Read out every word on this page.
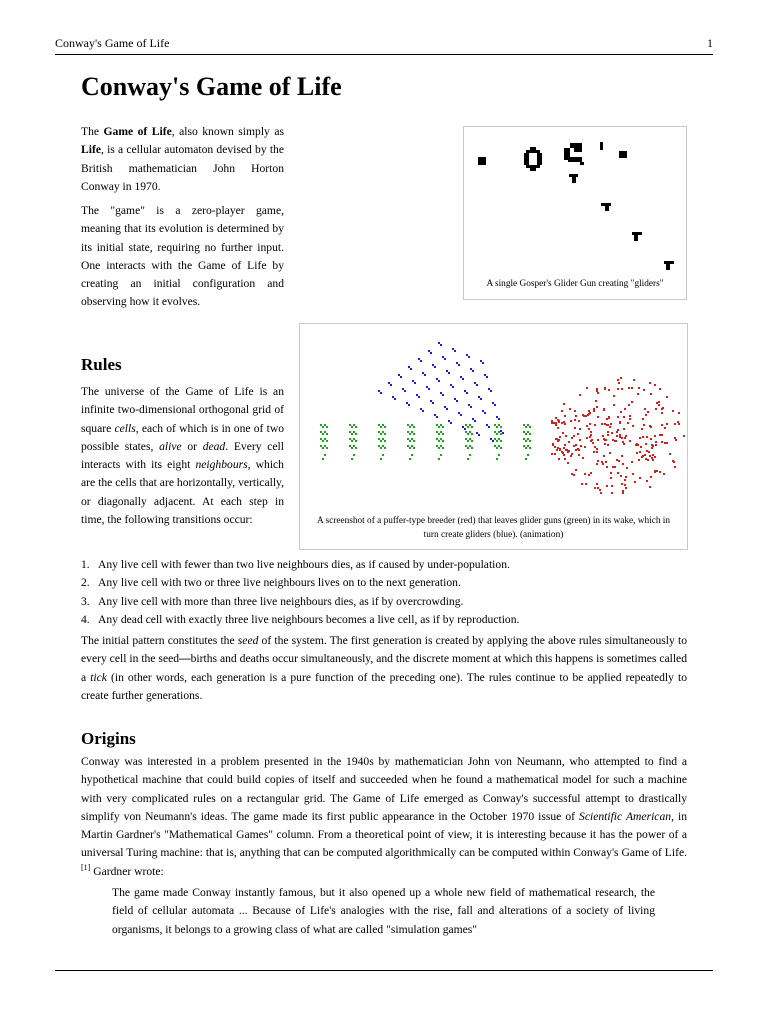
Conway's Game of Life	1
Conway's Game of Life

The Game of Life, also known simply as Life, is a cellular automaton devised by the British mathematician John Horton Conway in 1970.

The "game" is a zero-player game, meaning that its evolution is determined by its initial state, requiring no further input. One interacts with the Game of Life by creating an initial configuration and observing how it evolves.

A single Gosper's Glider Gun creating "gliders"
A screenshot of a puffer-type breeder (red) that leaves glider guns (green) in its wake, which in turn create gliders (blue). (animation)
Rules

The universe of the Game of Life is an infinite two-dimensional orthogonal grid of square cells, each of which is in one of two possible states, alive or dead. Every cell interacts with its eight neighbours, which are the cells that are horizontally, vertically, or diagonally adjacent. At each step in time, the following transitions occur:

1. Any live cell with fewer than two live neighbours dies, as if caused by under-population.
2. Any live cell with two or three live neighbours lives on to the next generation.
3. Any live cell with more than three live neighbours dies, as if by overcrowding.
4. Any dead cell with exactly three live neighbours becomes a live cell, as if by reproduction.

The initial pattern constitutes the seed of the system. The first generation is created by applying the above rules simultaneously to every cell in the seed—births and deaths occur simultaneously, and the discrete moment at which this happens is sometimes called a tick (in other words, each generation is a pure function of the preceding one). The rules continue to be applied repeatedly to create further generations.

Origins

Conway was interested in a problem presented in the 1940s by mathematician John von Neumann, who attempted to find a hypothetical machine that could build copies of itself and succeeded when he found a mathematical model for such a machine with very complicated rules on a rectangular grid. The Game of Life emerged as Conway's successful attempt to drastically simplify von Neumann's ideas. The game made its first public appearance in the October 1970 issue of Scientific American, in Martin Gardner's "Mathematical Games" column. From a theoretical point of view, it is interesting because it has the power of a universal Turing machine: that is, anything that can be computed algorithmically can be computed within Conway's Game of Life.[1] Gardner wrote:

The game made Conway instantly famous, but it also opened up a whole new field of mathematical research, the field of cellular automata ... Because of Life's analogies with the rise, fall and alterations of a society of living organisms, it belongs to a growing class of what are called "simulation games"
